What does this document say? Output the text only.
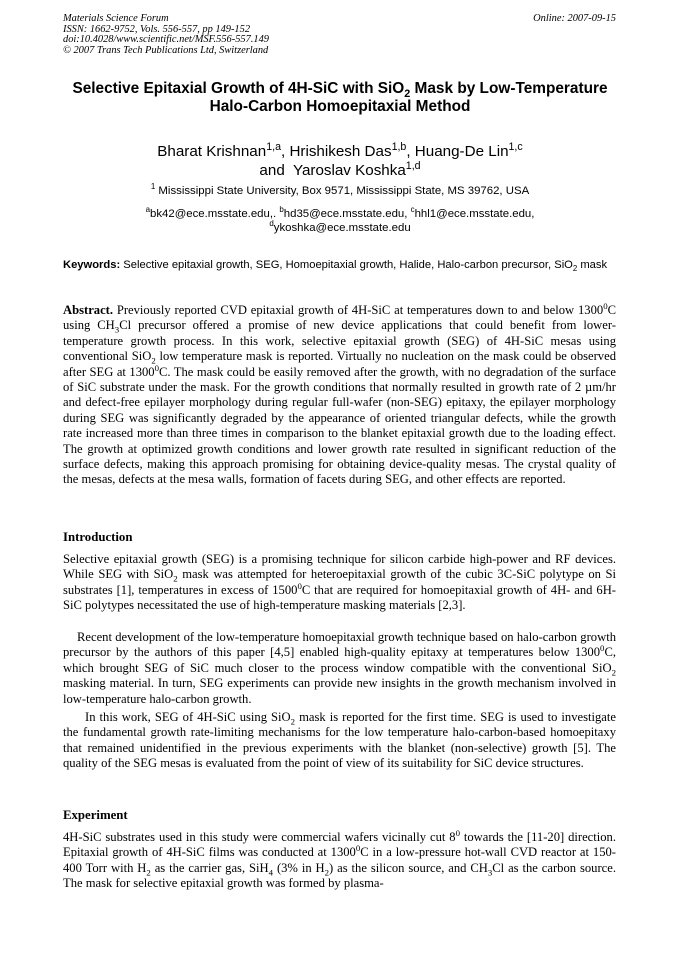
Materials Science Forum
ISSN: 1662-9752, Vols. 556-557, pp 149-152
doi:10.4028/www.scientific.net/MSF.556-557.149
© 2007 Trans Tech Publications Ltd, Switzerland
Online: 2007-09-15
Selective Epitaxial Growth of 4H-SiC with SiO$_2$ Mask by Low-Temperature Halo-Carbon Homoepitaxial Method
Bharat Krishnan$^{1,a}$, Hrishikesh Das$^{1,b}$, Huang-De Lin$^{1,c}$
and Yaroslav Koshka$^{1,d}$
$^1$ Mississippi State University, Box 9571, Mississippi State, MS 39762, USA
$^a$bk42@ece.msstate.edu,. $^b$hd35@ece.msstate.edu, $^c$hhl1@ece.msstate.edu,
$^d$ykoshka@ece.msstate.edu
Keywords: Selective epitaxial growth, SEG, Homoepitaxial growth, Halide, Halo-carbon precursor, SiO$_2$ mask
Abstract. Previously reported CVD epitaxial growth of 4H-SiC at temperatures down to and below 1300$^0$C using $CH_3Cl$ precursor offered a promise of new device applications that could benefit from lower-temperature growth process. In this work, selective epitaxial growth (SEG) of 4H-SiC mesas using conventional SiO$_2$ low temperature mask is reported. Virtually no nucleation on the mask could be observed after SEG at 1300$^0$C. The mask could be easily removed after the growth, with no degradation of the surface of SiC substrate under the mask. For the growth conditions that normally resulted in growth rate of 2 µm/hr and defect-free epilayer morphology during regular full-wafer (non-SEG) epitaxy, the epilayer morphology during SEG was significantly degraded by the appearance of oriented triangular defects, while the growth rate increased more than three times in comparison to the blanket epitaxial growth due to the loading effect. The growth at optimized growth conditions and lower growth rate resulted in significant reduction of the surface defects, making this approach promising for obtaining device-quality mesas. The crystal quality of the mesas, defects at the mesa walls, formation of facets during SEG, and other effects are reported.
Introduction
Selective epitaxial growth (SEG) is a promising technique for silicon carbide high-power and RF devices. While SEG with SiO$_2$ mask was attempted for heteroepitaxial growth of the cubic 3C-SiC polytype on Si substrates [1], temperatures in excess of 1500$^0$C that are required for homoepitaxial growth of 4H- and 6H-SiC polytypes necessitated the use of high-temperature masking materials [2,3].
Recent development of the low-temperature homoepitaxial growth technique based on halo-carbon growth precursor by the authors of this paper [4,5] enabled high-quality epitaxy at temperatures below 1300$^0$C, which brought SEG of SiC much closer to the process window compatible with the conventional SiO$_2$ masking material. In turn, SEG experiments can provide new insights in the growth mechanism involved in low-temperature halo-carbon growth.
In this work, SEG of 4H-SiC using SiO$_2$ mask is reported for the first time. SEG is used to investigate the fundamental growth rate-limiting mechanisms for the low temperature halo-carbon-based homoepitaxy that remained unidentified in the previous experiments with the blanket (non-selective) growth [5]. The quality of the SEG mesas is evaluated from the point of view of its suitability for SiC device structures.
Experiment
4H-SiC substrates used in this study were commercial wafers vicinally cut $8^0$ towards the [11-20] direction. Epitaxial growth of 4H-SiC films was conducted at 1300$^0$C in a low-pressure hot-wall CVD reactor at 150-400 Torr with $H_2$ as the carrier gas, SiH$_4$ (3% in $H_2$) as the silicon source, and $CH_3Cl$ as the carbon source. The mask for selective epitaxial growth was formed by plasma-
